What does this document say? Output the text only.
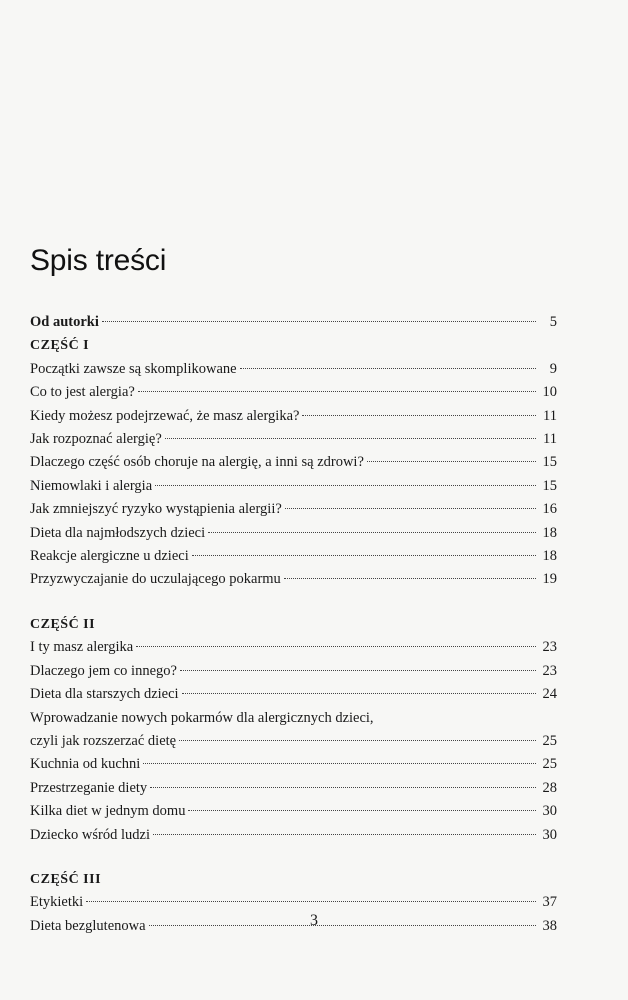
Spis treści
Od autorki	5
CZĘŚĆ I
Początki zawsze są skomplikowane	9
Co to jest alergia?	10
Kiedy możesz podejrzewać, że masz alergika?	11
Jak rozpoznać alergię?	11
Dlaczego część osób choruje na alergię, a inni są zdrowi?	15
Niemowlaki i alergia	15
Jak zmniejszyć ryzyko wystąpienia alergii?	16
Dieta dla najmłodszych dzieci	18
Reakcje alergiczne u dzieci	18
Przyzwyczajanie do uczulającego pokarmu	19
CZĘŚĆ II
I ty masz alergika	23
Dlaczego jem co innego?	23
Dieta dla starszych dzieci	24
Wprowadzanie nowych pokarmów dla alergicznych dzieci,
czyli jak rozszerzać dietę	25
Kuchnia od kuchni	25
Przestrzeganie diety	28
Kilka diet w jednym domu	30
Dziecko wśród ludzi	30
CZĘŚĆ III
Etykietki	37
Dieta bezglutenowa	38
3
